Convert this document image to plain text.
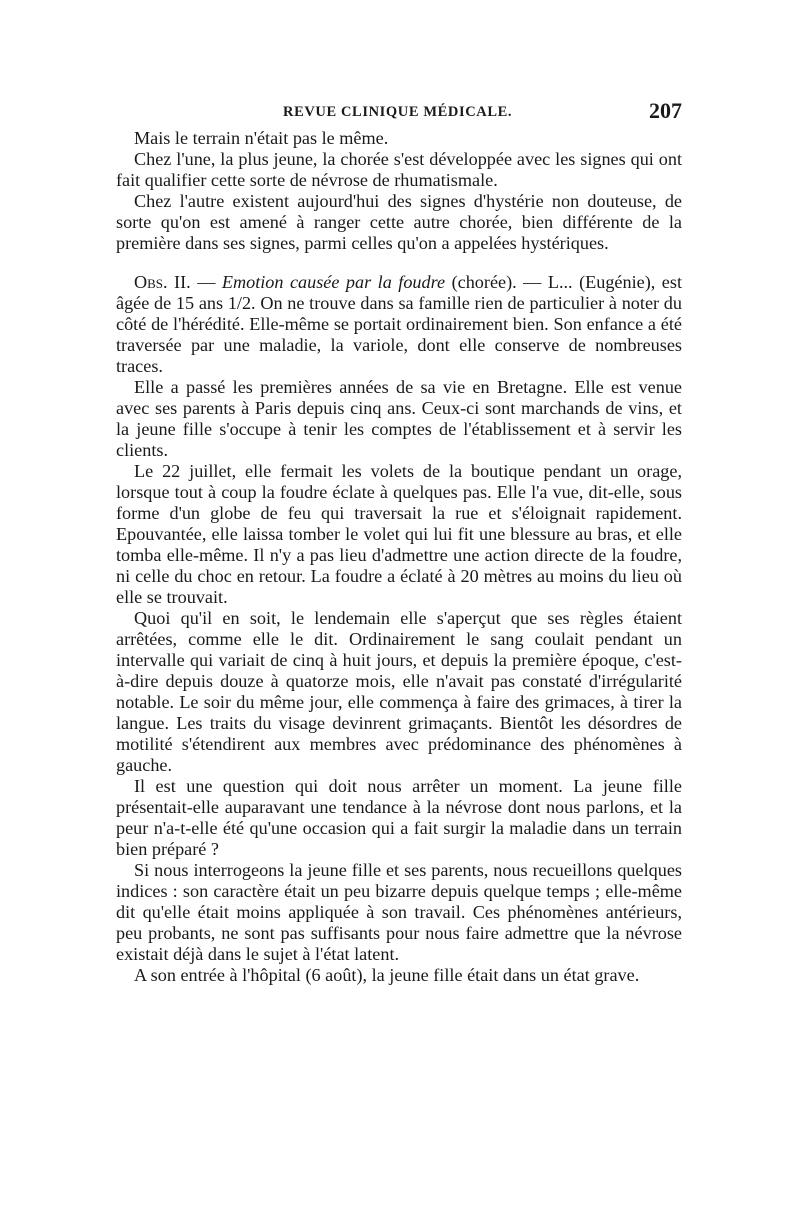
REVUE CLINIQUE MÉDICALE.	207

Mais le terrain n'était pas le même.

Chez l'une, la plus jeune, la chorée s'est développée avec les signes qui ont fait qualifier cette sorte de névrose de rhumatismale.

Chez l'autre existent aujourd'hui des signes d'hystérie non douteuse, de sorte qu'on est amené à ranger cette autre chorée, bien différente de la première dans ses signes, parmi celles qu'on a appelées hystériques.

Obs. II. — Emotion causée par la foudre (chorée). — L... (Eugénie), est âgée de 15 ans 1/2. On ne trouve dans sa famille rien de particulier à noter du côté de l'hérédité. Elle-même se portait ordinairement bien. Son enfance a été traversée par une maladie, la variole, dont elle conserve de nombreuses traces.

Elle a passé les premières années de sa vie en Bretagne. Elle est venue avec ses parents à Paris depuis cinq ans. Ceux-ci sont marchands de vins, et la jeune fille s'occupe à tenir les comptes de l'établissement et à servir les clients.

Le 22 juillet, elle fermait les volets de la boutique pendant un orage, lorsque tout à coup la foudre éclate à quelques pas. Elle l'a vue, dit-elle, sous forme d'un globe de feu qui traversait la rue et s'éloignait rapidement. Epouvantée, elle laissa tomber le volet qui lui fit une blessure au bras, et elle tomba elle-même. Il n'y a pas lieu d'admettre une action directe de la foudre, ni celle du choc en retour. La foudre a éclaté à 20 mètres au moins du lieu où elle se trouvait.

Quoi qu'il en soit, le lendemain elle s'aperçut que ses règles étaient arrêtées, comme elle le dit. Ordinairement le sang coulait pendant un intervalle qui variait de cinq à huit jours, et depuis la première époque, c'est-à-dire depuis douze à quatorze mois, elle n'avait pas constaté d'irrégularité notable. Le soir du même jour, elle commença à faire des grimaces, à tirer la langue. Les traits du visage devinrent grimaçants. Bientôt les désordres de motilité s'étendirent aux membres avec prédominance des phénomènes à gauche.

Il est une question qui doit nous arrêter un moment. La jeune fille présentait-elle auparavant une tendance à la névrose dont nous parlons, et la peur n'a-t-elle été qu'une occasion qui a fait surgir la maladie dans un terrain bien préparé ?

Si nous interrogeons la jeune fille et ses parents, nous recueillons quelques indices : son caractère était un peu bizarre depuis quelque temps ; elle-même dit qu'elle était moins appliquée à son travail. Ces phénomènes antérieurs, peu probants, ne sont pas suffisants pour nous faire admettre que la névrose existait déjà dans le sujet à l'état latent.

A son entrée à l'hôpital (6 août), la jeune fille était dans un état grave.
